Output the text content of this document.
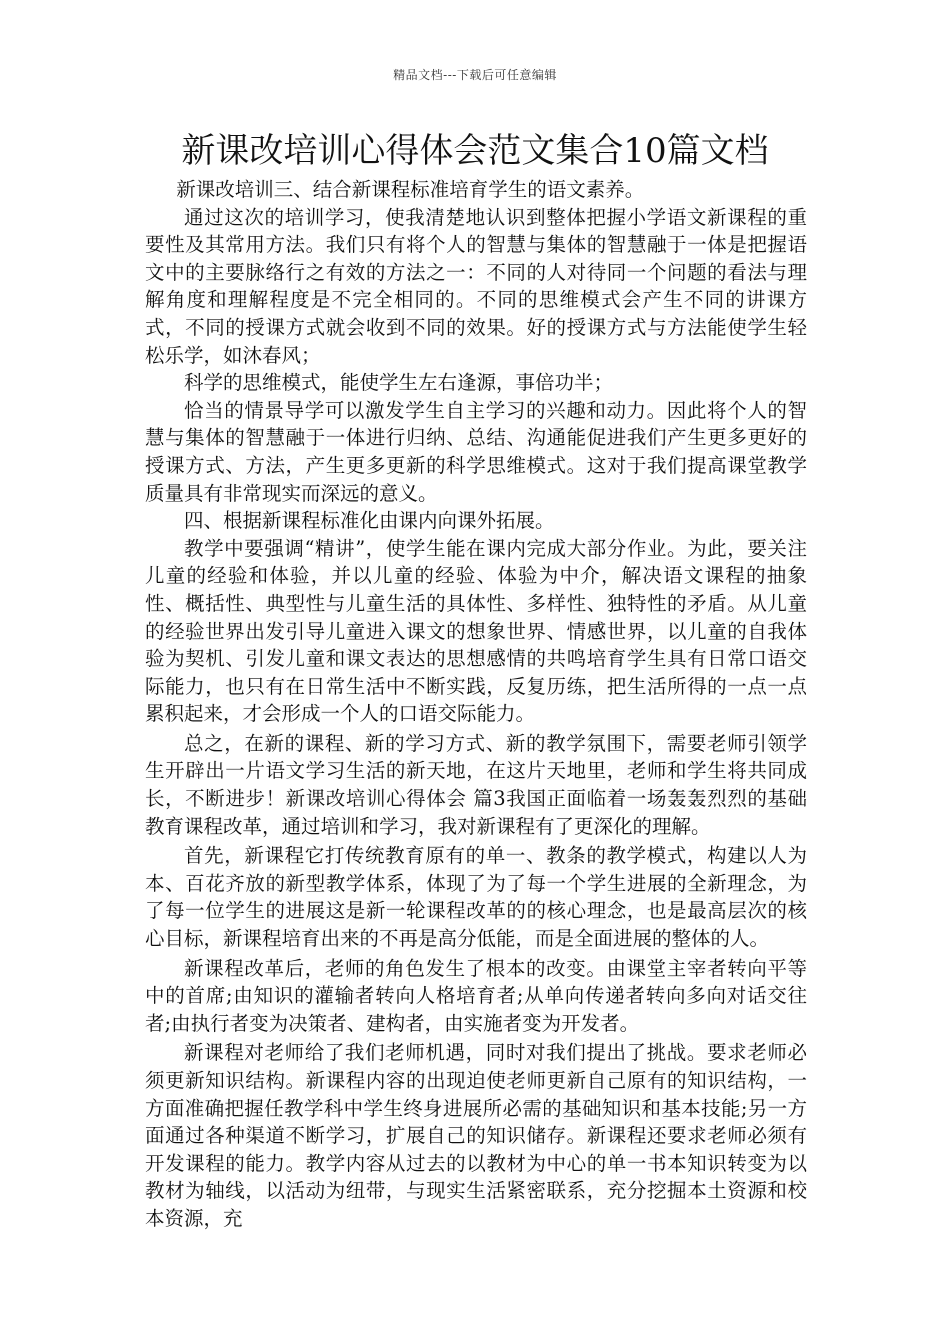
精品文档---下载后可任意编辑
新课改培训心得体会范文集合10篇文档

新课改培训三、结合新课程标准培育学生的语文素养。

通过这次的培训学习，使我清楚地认识到整体把握小学语文新课程的重要性及其常用方法。我们只有将个人的智慧与集体的智慧融于一体是把握语文中的主要脉络行之有效的方法之一：不同的人对待同一个问题的看法与理解角度和理解程度是不完全相同的。不同的思维模式会产生不同的讲课方式，不同的授课方式就会收到不同的效果。好的授课方式与方法能使学生轻松乐学，如沐春风；

科学的思维模式，能使学生左右逢源，事倍功半；

恰当的情景导学可以激发学生自主学习的兴趣和动力。因此将个人的智慧与集体的智慧融于一体进行归纳、总结、沟通能促进我们产生更多更好的授课方式、方法，产生更多更新的科学思维模式。这对于我们提高课堂教学质量具有非常现实而深远的意义。

四、根据新课程标准化由课内向课外拓展。

教学中要强调“精讲”，使学生能在课内完成大部分作业。为此，要关注儿童的经验和体验，并以儿童的经验、体验为中介，解决语文课程的抽象性、概括性、典型性与儿童生活的具体性、多样性、独特性的矛盾。从儿童的经验世界出发引导儿童进入课文的想象世界、情感世界，以儿童的自我体验为契机、引发儿童和课文表达的思想感情的共鸣培育学生具有日常口语交际能力，也只有在日常生活中不断实践，反复历练，把生活所得的一点一点累积起来，才会形成一个人的口语交际能力。

总之，在新的课程、新的学习方式、新的教学氛围下，需要老师引领学生开辟出一片语文学习生活的新天地，在这片天地里，老师和学生将共同成长，不断进步！新课改培训心得体会 篇3我国正面临着一场轰轰烈烈的基础教育课程改革，通过培训和学习，我对新课程有了更深化的理解。

首先，新课程它打传统教育原有的单一、教条的教学模式，构建以人为本、百花齐放的新型教学体系，体现了为了每一个学生进展的全新理念，为了每一位学生的进展这是新一轮课程改革的的核心理念，也是最高层次的核心目标，新课程培育出来的不再是高分低能，而是全面进展的整体的人。

新课程改革后，老师的角色发生了根本的改变。由课堂主宰者转向平等中的首席;由知识的灌输者转向人格培育者;从单向传递者转向多向对话交往者;由执行者变为决策者、建构者，由实施者变为开发者。

新课程对老师给了我们老师机遇，同时对我们提出了挑战。要求老师必须更新知识结构。新课程内容的出现迫使老师更新自己原有的知识结构，一方面准确把握任教学科中学生终身进展所必需的基础知识和基本技能;另一方面通过各种渠道不断学习，扩展自己的知识储存。新课程还要求老师必须有开发课程的能力。教学内容从过去的以教材为中心的单一书本知识转变为以教材为轴线，以活动为纽带，与现实生活紧密联系，充分挖掘本土资源和校本资源，充
